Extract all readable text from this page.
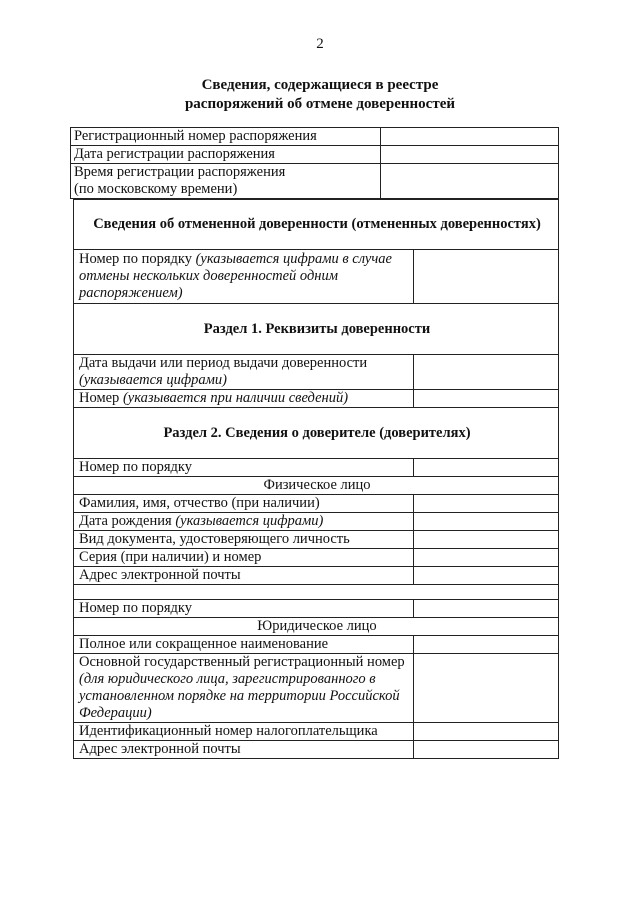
2
Сведения, содержащиеся в реестре
распоряжений об отмене доверенностей
Регистрационный номер распоряжения	
Дата регистрации распоряжения	

Время регистрации распоряжения
(по московскому времени)	

Сведения об отмененной доверенности (отмененных доверенностях)	
Номер по порядку (указывается цифрами в случае отмены нескольких доверенностей одним распоряжением)	
Раздел 1. Реквизиты доверенности	
Дата выдачи или период выдачи доверенности (указывается цифрами)	
Номер (указывается при наличии сведений)	
Раздел 2. Сведения о доверителе (доверителях)	
Номер по порядку	
Физическое лицо	
Фамилия, имя, отчество (при наличии)	
Дата рождения (указывается цифрами)	
Вид документа, удостоверяющего личность	
Серия (при наличии) и номер	
Адрес электронной почты	

Номер по порядку	
Юридическое лицо	
Полное или сокращенное наименование	
Основной государственный регистрационный номер (для юридического лица, зарегистрированного в установленном порядке на территории Российской Федерации)	
Идентификационный номер налогоплательщика	
Адрес электронной почты	
